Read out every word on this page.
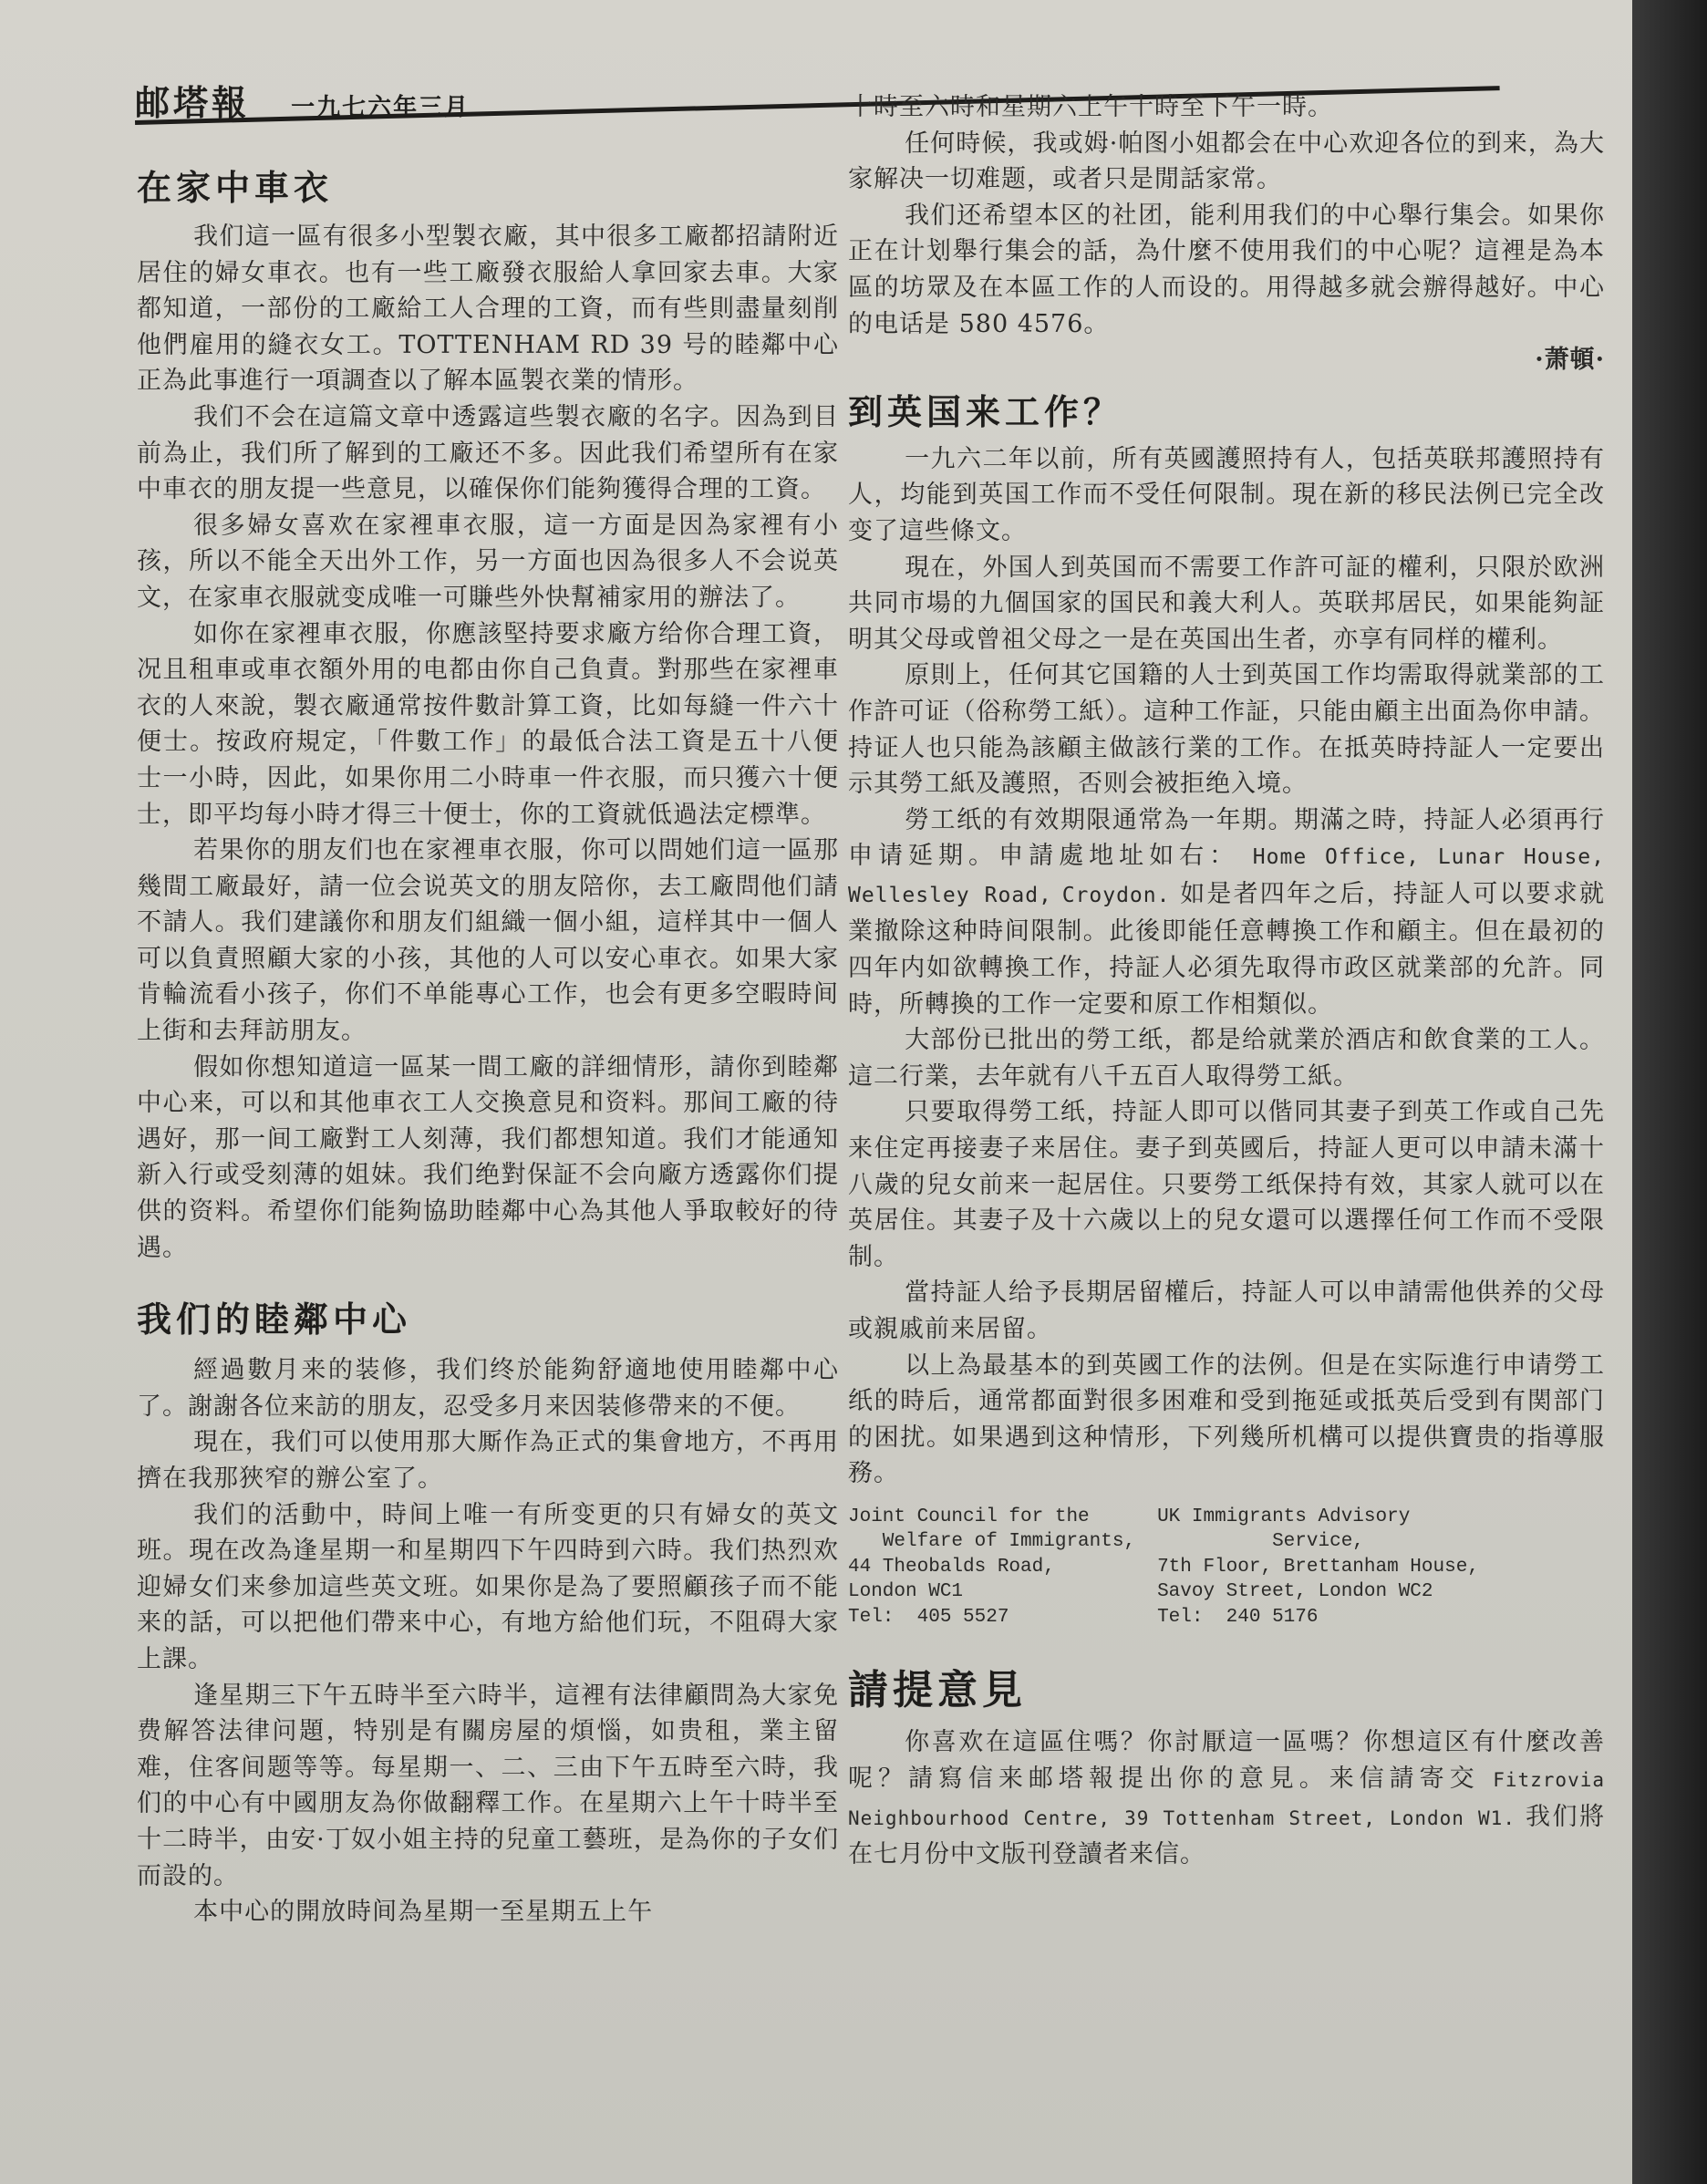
邮塔報 一九七六年三月
在家中車衣

我们這一區有很多小型製衣廠，其中很多工廠都招請附近居住的婦女車衣。也有一些工廠發衣服給人拿回家去車。大家都知道，一部份的工廠給工人合理的工資，而有些則盡量刻削他們雇用的縫衣女工。TOTTENHAM RD 39 号的睦鄰中心正為此事進行一項調查以了解本區製衣業的情形。

我们不会在這篇文章中透露這些製衣廠的名字。因為到目前為止，我们所了解到的工廠还不多。因此我们希望所有在家中車衣的朋友提一些意見，以確保你们能夠獲得合理的工資。

很多婦女喜欢在家裡車衣服，這一方面是因為家裡有小孩，所以不能全天出外工作，另一方面也因為很多人不会说英文，在家車衣服就变成唯一可賺些外快幫補家用的辦法了。

如你在家裡車衣服，你應該堅持要求廠方给你合理工資，况且租車或車衣額外用的电都由你自己負責。對那些在家裡車衣的人來說，製衣廠通常按件數計算工資，比如每縫一件六十便士。按政府規定，「件數工作」的最低合法工資是五十八便士一小時，因此，如果你用二小時車一件衣服，而只獲六十便士，即平均每小時才得三十便士，你的工資就低過法定標準。

若果你的朋友们也在家裡車衣服，你可以問她们這一區那幾間工廠最好，請一位会说英文的朋友陪你，去工廠問他们請不請人。我们建議你和朋友们組織一個小組，這样其中一個人可以負責照顧大家的小孩，其他的人可以安心車衣。如果大家肯輪流看小孩子，你们不单能專心工作，也会有更多空暇時间上街和去拜訪朋友。

假如你想知道這一區某一間工廠的詳细情形，請你到睦鄰中心来，可以和其他車衣工人交換意見和资料。那间工廠的待遇好，那一间工廠對工人刻薄，我们都想知道。我们才能通知新入行或受刻薄的姐妹。我们绝對保証不会向廠方透露你们提供的资料。希望你们能夠協助睦鄰中心為其他人爭取較好的待遇。

我们的睦鄰中心

經過數月来的装修，我们终於能夠舒適地使用睦鄰中心了。謝謝各位来訪的朋友，忍受多月来因装修帶来的不便。

現在，我们可以使用那大厮作為正式的集會地方，不再用擠在我那狹窄的辦公室了。

我们的活動中，時间上唯一有所变更的只有婦女的英文班。現在改為逢星期一和星期四下午四時到六時。我们热烈欢迎婦女们来參加這些英文班。如果你是為了要照顧孩子而不能来的話，可以把他们帶来中心，有地方給他们玩，不阻碍大家上課。

逢星期三下午五時半至六時半，這裡有法律顧問為大家免费解答法律问題，特别是有關房屋的煩惱，如贵租，業主留难，住客间题等等。每星期一、二、三由下午五時至六時，我们的中心有中國朋友為你做翻釋工作。在星期六上午十時半至十二時半，由安·丁奴小姐主持的兒童工藝班，是為你的子女们而設的。

本中心的開放時间為星期一至星期五上午

十時至六時和星期六上午十時至下午一時。

任何時候，我或姆·帕图小姐都会在中心欢迎各位的到来，為大家解决一切难题，或者只是閒話家常。

我们还希望本区的社团，能利用我们的中心舉行集会。如果你正在计划舉行集会的話，為什麼不使用我们的中心呢？這裡是為本區的坊眾及在本區工作的人而设的。用得越多就会辦得越好。中心的电话是 580 4576。

·萧頓·

到英国来工作？

一九六二年以前，所有英國護照持有人，包括英联邦護照持有人，均能到英国工作而不受任何限制。現在新的移民法例已完全改变了這些條文。

現在，外国人到英国而不需要工作許可証的權利，只限於欧洲共同市場的九個国家的国民和義大利人。英联邦居民，如果能夠証明其父母或曾祖父母之一是在英国出生者，亦享有同样的權利。

原則上，任何其它国籍的人士到英国工作均需取得就業部的工作許可证（俗称勞工紙）。這种工作証，只能由顧主出面為你申請。持证人也只能為該顧主做該行業的工作。在抵英時持証人一定要出示其勞工紙及護照，否则会被拒绝入境。

勞工纸的有效期限通常為一年期。期滿之時，持証人必須再行申请延期。申請處地址如右： Home Office, Lunar House, Wellesley Road, Croydon. 如是者四年之后，持証人可以要求就業撤除这种時间限制。此後即能任意轉換工作和顧主。但在最初的四年内如欲轉換工作，持証人必須先取得市政区就業部的允許。同時，所轉換的工作一定要和原工作相類似。

大部份已批出的勞工纸，都是给就業於酒店和飲食業的工人。這二行業，去年就有八千五百人取得勞工紙。

只要取得勞工纸，持証人即可以偕同其妻子到英工作或自己先来住定再接妻子来居住。妻子到英國后，持証人更可以申請未滿十八歲的兒女前来一起居住。只要勞工纸保持有效，其家人就可以在英居住。其妻子及十六歲以上的兒女還可以選擇任何工作而不受限制。

當持証人给予長期居留權后，持証人可以申請需他供养的父母或親戚前来居留。

以上為最基本的到英國工作的法例。但是在实际進行申请勞工纸的時后，通常都面對很多困难和受到拖延或抵英后受到有関部门的困扰。如果遇到这种情形，下列幾所机構可以提供寶贵的指導服務。

Joint Council for the
Welfare of Immigrants,
44 Theobalds Road,
London WC1
Tel:  405 5527
UK Immigrants Advisory
Service,
7th Floor, Brettanham House,
Savoy Street, London WC2
Tel:  240 5176
請提意見

你喜欢在這區住嗎？你討厭這一區嗎？你想這区有什麼改善呢？請寫信来邮塔報提出你的意見。来信請寄交 Fitzrovia Neighbourhood Centre, 39 Tottenham Street, London W1. 我们將在七月份中文版刊登讀者来信。
